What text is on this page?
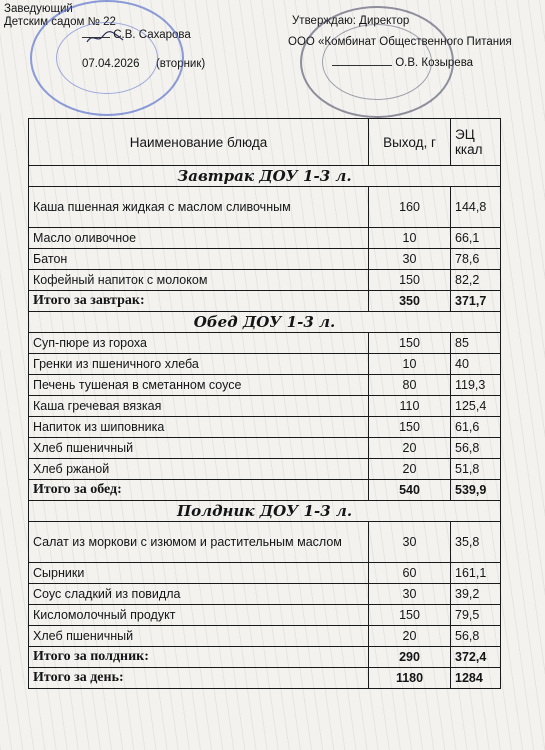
Заведующий
Детским садом № 22
С.В. Сахарова
07.04.2026 (вторник)
Утверждаю: Директор
ООО «Комбинат Общественного Питания
О.В. Козырева
Наименование блюда	Выход, г	ЭЦ ккал
Завтрак ДОУ 1-3 л.		
Каша пшенная жидкая с маслом сливочным	160	144,8
Масло оливочное	10	66,1
Батон	30	78,6
Кофейный напиток с молоком	150	82,2
Итого за завтрак:	350	371,7
Обед ДОУ 1-3 л.		
Суп-пюре из гороха	150	85
Гренки из пшеничного хлеба	10	40
Печень тушеная в сметанном соусе	80	119,3
Каша гречевая вязкая	110	125,4
Напиток из шиповника	150	61,6
Хлеб пшеничный	20	56,8
Хлеб ржаной	20	51,8
Итого за обед:	540	539,9
Полдник ДОУ 1-3 л.		
Салат из моркови с изюмом и растительным маслом	30	35,8
Сырники	60	161,1
Соус сладкий из повидла	30	39,2
Кисломолочный продукт	150	79,5
Хлеб пшеничный	20	56,8
Итого за полдник:	290	372,4
Итого за день:	1180	1284
